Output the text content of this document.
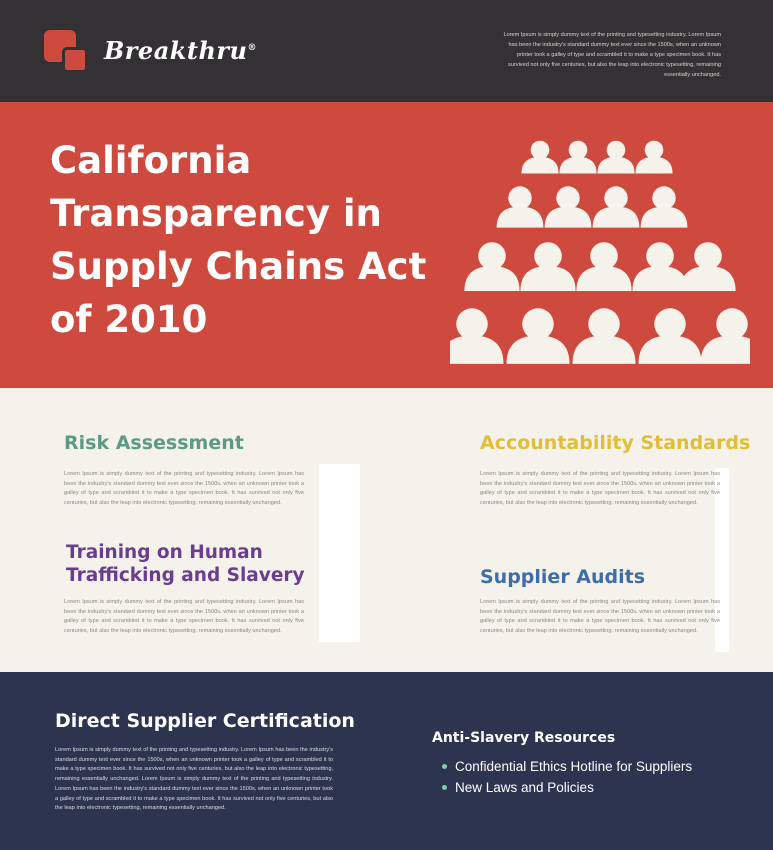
Breakthru®
Lorem Ipsum is simply dummy text of the printing and typesetting industry. Lorem Ipsum has been the industry's standard dummy text ever since the 1500s, when an unknown printer took a galley of type and scrambled it to make a type specimen book. It has survived not only five centuries, but also the leap into electronic typesetting, remaining essentially unchanged.
California Transparency in Supply Chains Act of 2010
Risk Assessment
Lorem Ipsum is simply dummy text of the printing and typesetting industry. Lorem Ipsum has been the industry's standard dummy text ever since the 1500s, when an unknown printer took a galley of type and scrambled it to make a type specimen book. It has survived not only five centuries, but also the leap into electronic typesetting, remaining essentially unchanged.
Accountability Standards
Lorem Ipsum is simply dummy text of the printing and typesetting industry. Lorem Ipsum has been the industry's standard dummy text ever since the 1500s, when an unknown printer took a galley of type and scrambled it to make a type specimen book. It has survived not only five centuries, but also the leap into electronic typesetting, remaining essentially unchanged.
Training on Human
Trafficking and Slavery
Lorem Ipsum is simply dummy text of the printing and typesetting industry. Lorem Ipsum has been the industry's standard dummy text ever since the 1500s, when an unknown printer took a galley of type and scrambled it to make a type specimen book. It has survived not only five centuries, but also the leap into electronic typesetting, remaining essentially unchanged.
Supplier Audits
Lorem Ipsum is simply dummy text of the printing and typesetting industry. Lorem Ipsum has been the industry's standard dummy text ever since the 1500s, when an unknown printer took a galley of type and scrambled it to make a type specimen book. It has survived not only five centuries, but also the leap into electronic typesetting, remaining essentially unchanged.
Direct Supplier Certification
Lorem Ipsum is simply dummy text of the printing and typesetting industry. Lorem Ipsum has been the industry's standard dummy text ever since the 1500s, when an unknown printer took a galley of type and scrambled it to make a type specimen book. It has survived not only five centuries, but also the leap into electronic typesetting, remaining essentially unchanged. Lorem Ipsum is simply dummy text of the printing and typesetting industry. Lorem Ipsum has been the industry's standard dummy text ever since the 1500s, when an unknown printer took a galley of type and scrambled it to make a type specimen book. It has survived not only five centuries, but also the leap into electronic typesetting, remaining essentially unchanged.
Anti-Slavery Resources
Confidential Ethics Hotline for Suppliers
New Laws and Policies
